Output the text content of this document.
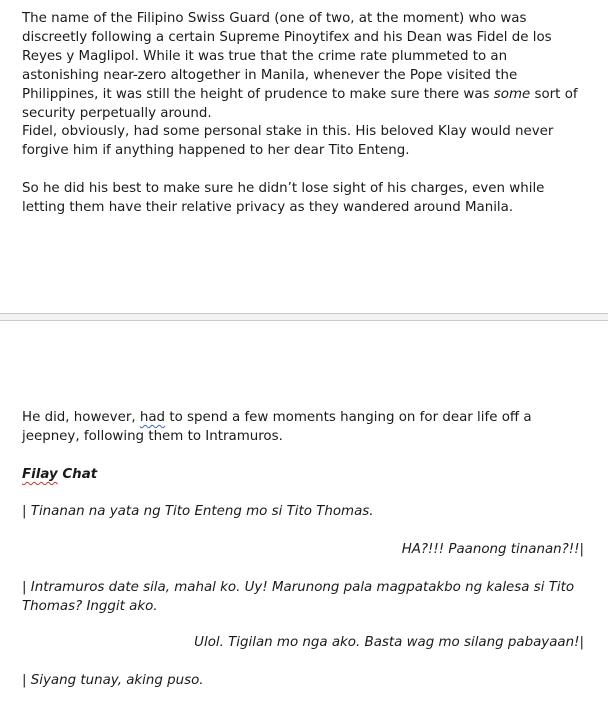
The name of the Filipino Swiss Guard (one of two, at the moment) who was discreetly following a certain Supreme Pinoytifex and his Dean was Fidel de los Reyes y Maglipol. While it was true that the crime rate plummeted to an astonishing near-zero altogether in Manila, whenever the Pope visited the Philippines, it was still the height of prudence to make sure there was some sort of security perpetually around.

Fidel, obviously, had some personal stake in this. His beloved Klay would never forgive him if anything happened to her dear Tito Enteng.

So he did his best to make sure he didn’t lose sight of his charges, even while letting them have their relative privacy as they wandered around Manila.

He did, however, had to spend a few moments hanging on for dear life off a jeepney, following them to Intramuros.

Filay Chat

| Tinanan na yata ng Tito Enteng mo si Tito Thomas.

HA?!!! Paanong tinanan?!!|

| Intramuros date sila, mahal ko. Uy! Marunong pala magpatakbo ng kalesa si Tito Thomas? Inggit ako.

Ulol. Tigilan mo nga ako. Basta wag mo silang pabayaan!|

| Siyang tunay, aking puso.
